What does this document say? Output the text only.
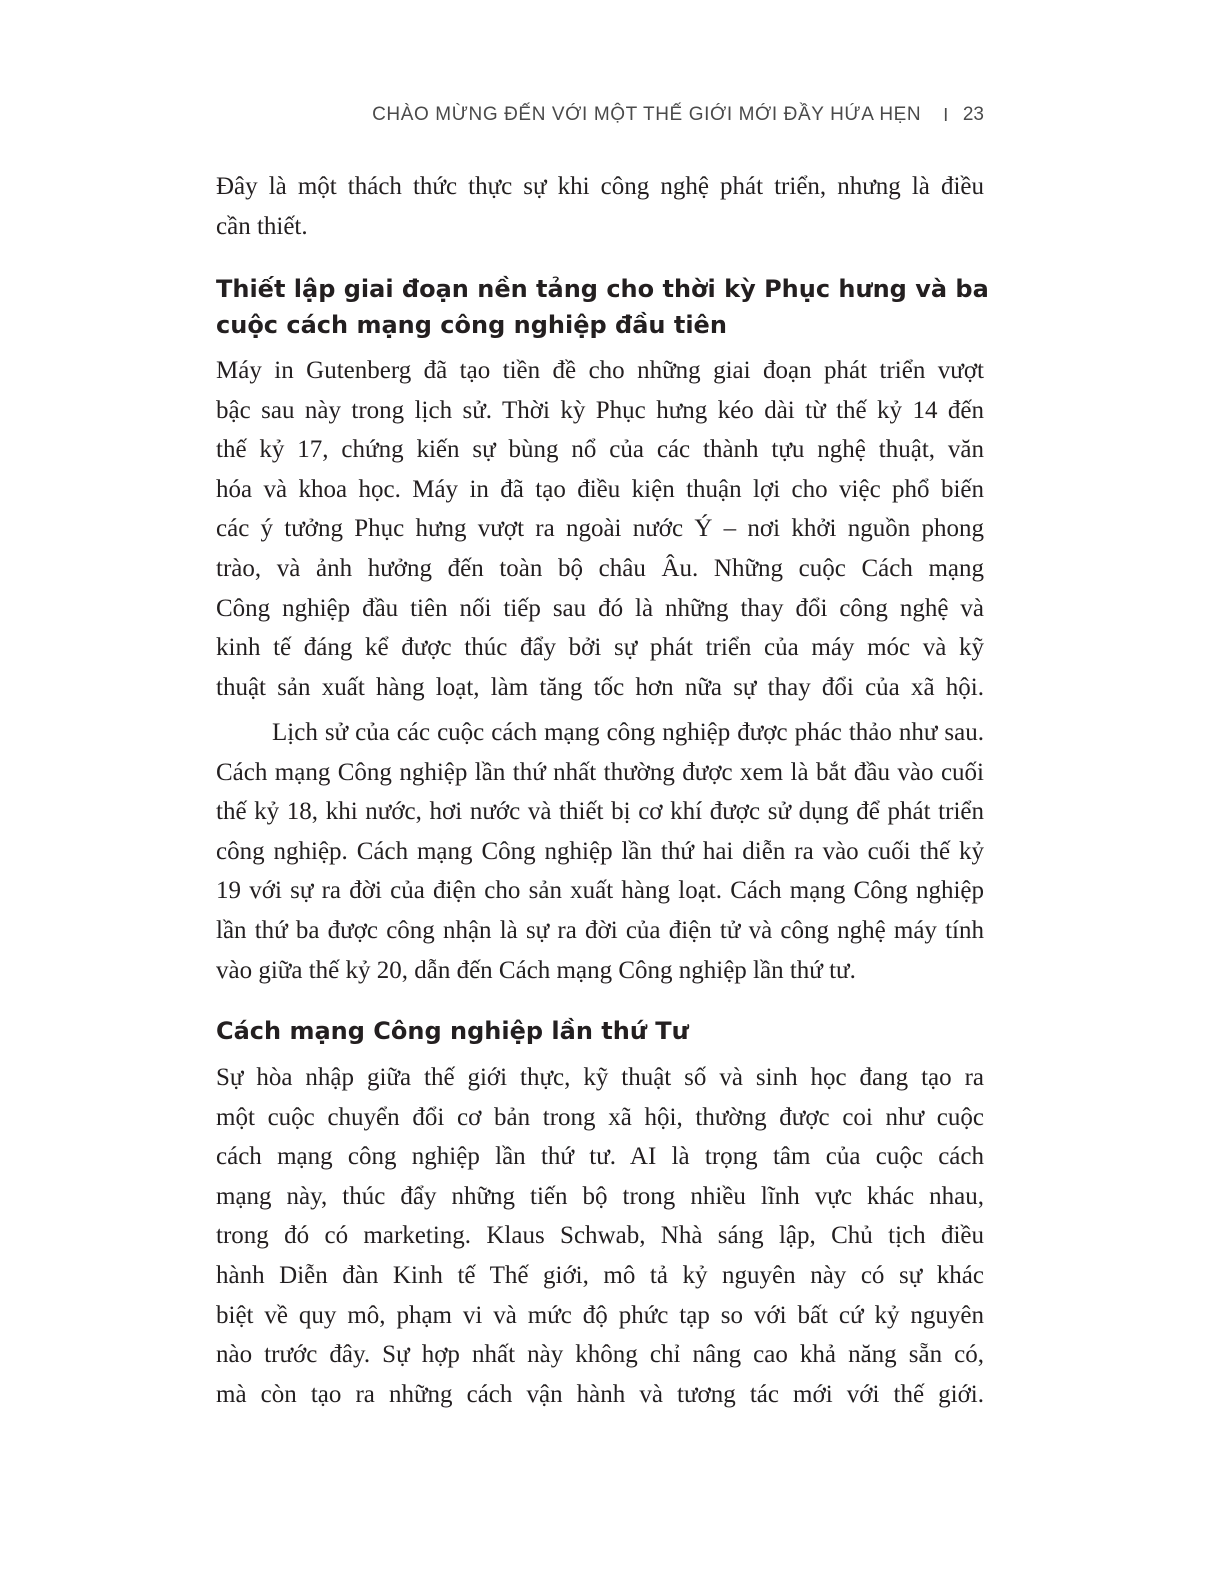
CHÀO MỪNG ĐẾN VỚI MỘT THẾ GIỚI MỚI ĐẦY HỨA HẸN I 23
Đây là một thách thức thực sự khi công nghệ phát triển, nhưng là điều
cần thiết.
Thiết lập giai đoạn nền tảng cho thời kỳ Phục hưng và ba
cuộc cách mạng công nghiệp đầu tiên
Máy in Gutenberg đã tạo tiền đề cho những giai đoạn phát triển vượt
bậc sau này trong lịch sử. Thời kỳ Phục hưng kéo dài từ thế kỷ 14 đến
thế kỷ 17, chứng kiến sự bùng nổ của các thành tựu nghệ thuật, văn
hóa và khoa học. Máy in đã tạo điều kiện thuận lợi cho việc phổ biến
các ý tưởng Phục hưng vượt ra ngoài nước Ý – nơi khởi nguồn phong
trào, và ảnh hưởng đến toàn bộ châu Âu. Những cuộc Cách mạng
Công nghiệp đầu tiên nối tiếp sau đó là những thay đổi công nghệ và
kinh tế đáng kể được thúc đẩy bởi sự phát triển của máy móc và kỹ
thuật sản xuất hàng loạt, làm tăng tốc hơn nữa sự thay đổi của xã hội.
Lịch sử của các cuộc cách mạng công nghiệp được phác thảo như sau.
Cách mạng Công nghiệp lần thứ nhất thường được xem là bắt đầu vào cuối
thế kỷ 18, khi nước, hơi nước và thiết bị cơ khí được sử dụng để phát triển
công nghiệp. Cách mạng Công nghiệp lần thứ hai diễn ra vào cuối thế kỷ
19 với sự ra đời của điện cho sản xuất hàng loạt. Cách mạng Công nghiệp
lần thứ ba được công nhận là sự ra đời của điện tử và công nghệ máy tính
vào giữa thế kỷ 20, dẫn đến Cách mạng Công nghiệp lần thứ tư.
Cách mạng Công nghiệp lần thứ Tư
Sự hòa nhập giữa thế giới thực, kỹ thuật số và sinh học đang tạo ra
một cuộc chuyển đổi cơ bản trong xã hội, thường được coi như cuộc
cách mạng công nghiệp lần thứ tư. AI là trọng tâm của cuộc cách
mạng này, thúc đẩy những tiến bộ trong nhiều lĩnh vực khác nhau,
trong đó có marketing. Klaus Schwab, Nhà sáng lập, Chủ tịch điều
hành Diễn đàn Kinh tế Thế giới, mô tả kỷ nguyên này có sự khác
biệt về quy mô, phạm vi và mức độ phức tạp so với bất cứ kỷ nguyên
nào trước đây. Sự hợp nhất này không chỉ nâng cao khả năng sẵn có,
mà còn tạo ra những cách vận hành và tương tác mới với thế giới.
